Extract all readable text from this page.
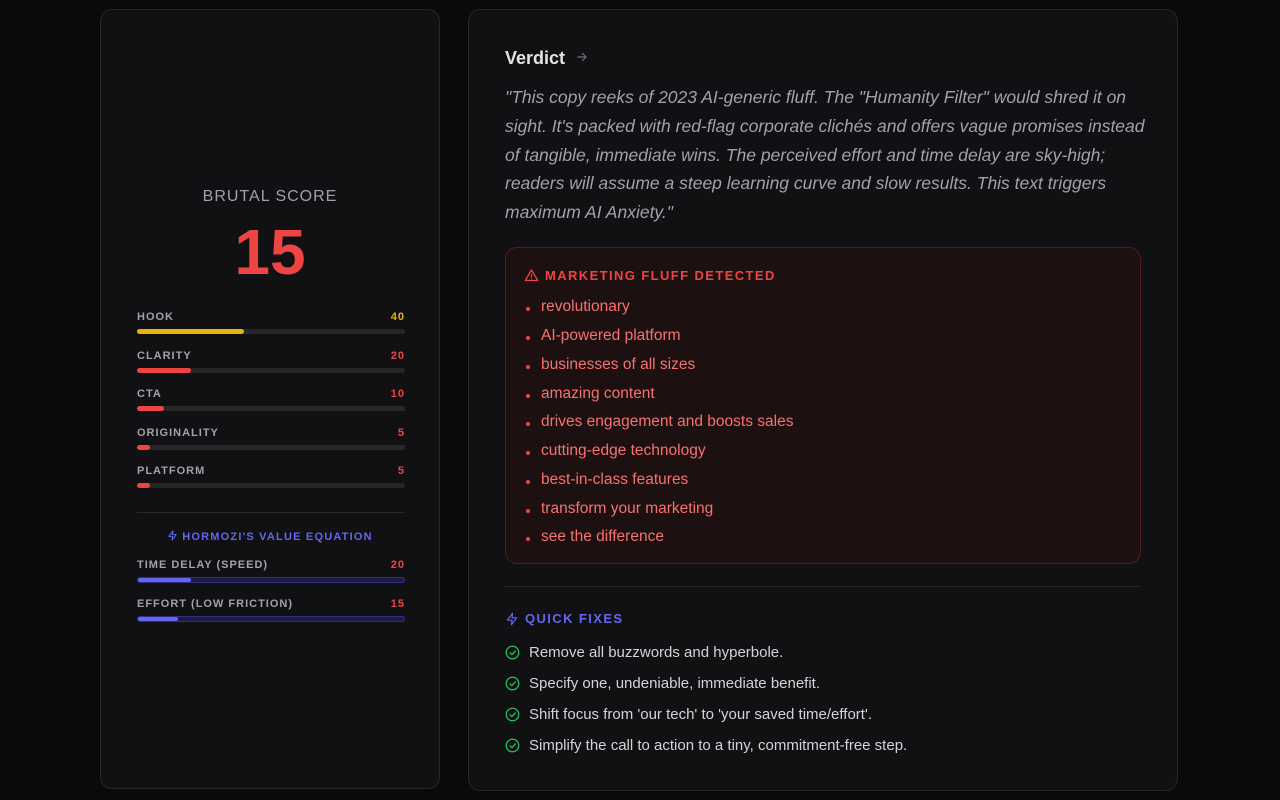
BRUTAL SCORE
15
HOOK	40
CLARITY	20
CTA	10
ORIGINALITY	5
PLATFORM	5
HORMOZI'S VALUE EQUATION
TIME DELAY (SPEED)	20
EFFORT (LOW FRICTION)	15
Verdict

"This copy reeks of 2023 AI-generic fluff. The "Humanity Filter" would shred it on sight. It's packed with red-flag corporate clichés and offers vague promises instead of tangible, immediate wins. The perceived effort and time delay are sky-high; readers will assume a steep learning curve and slow results. This text triggers maximum AI Anxiety."

MARKETING FLUFF DETECTED
revolutionary
AI-powered platform
businesses of all sizes
amazing content
drives engagement and boosts sales
cutting-edge technology
best-in-class features
transform your marketing
see the difference
QUICK FIXES
Remove all buzzwords and hyperbole.
Specify one, undeniable, immediate benefit.
Shift focus from 'our tech' to 'your saved time/effort'.
Simplify the call to action to a tiny, commitment-free step.
